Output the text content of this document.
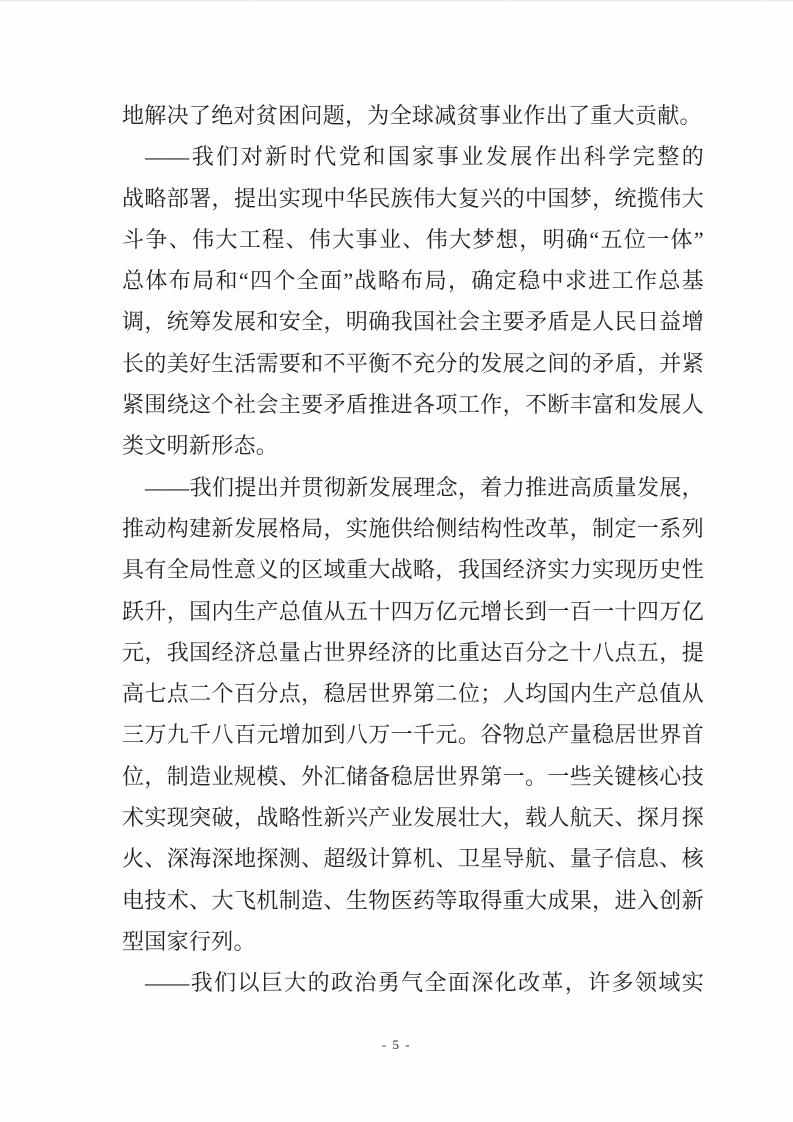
地解决了绝对贫困问题，为全球减贫事业作出了重大贡献。
——我们对新时代党和国家事业发展作出科学完整的
战略部署，提出实现中华民族伟大复兴的中国梦，统揽伟大
斗争、伟大工程、伟大事业、伟大梦想，明确“五位一体”
总体布局和“四个全面”战略布局，确定稳中求进工作总基
调，统筹发展和安全，明确我国社会主要矛盾是人民日益增
长的美好生活需要和不平衡不充分的发展之间的矛盾，并紧
紧围绕这个社会主要矛盾推进各项工作，不断丰富和发展人
类文明新形态。
——我们提出并贯彻新发展理念，着力推进高质量发展，
推动构建新发展格局，实施供给侧结构性改革，制定一系列
具有全局性意义的区域重大战略，我国经济实力实现历史性
跃升，国内生产总值从五十四万亿元增长到一百一十四万亿
元，我国经济总量占世界经济的比重达百分之十八点五，提
高七点二个百分点，稳居世界第二位；人均国内生产总值从
三万九千八百元增加到八万一千元。谷物总产量稳居世界首
位，制造业规模、外汇储备稳居世界第一。一些关键核心技
术实现突破，战略性新兴产业发展壮大，载人航天、探月探
火、深海深地探测、超级计算机、卫星导航、量子信息、核
电技术、大飞机制造、生物医药等取得重大成果，进入创新
型国家行列。
——我们以巨大的政治勇气全面深化改革，许多领域实
- 5 -
